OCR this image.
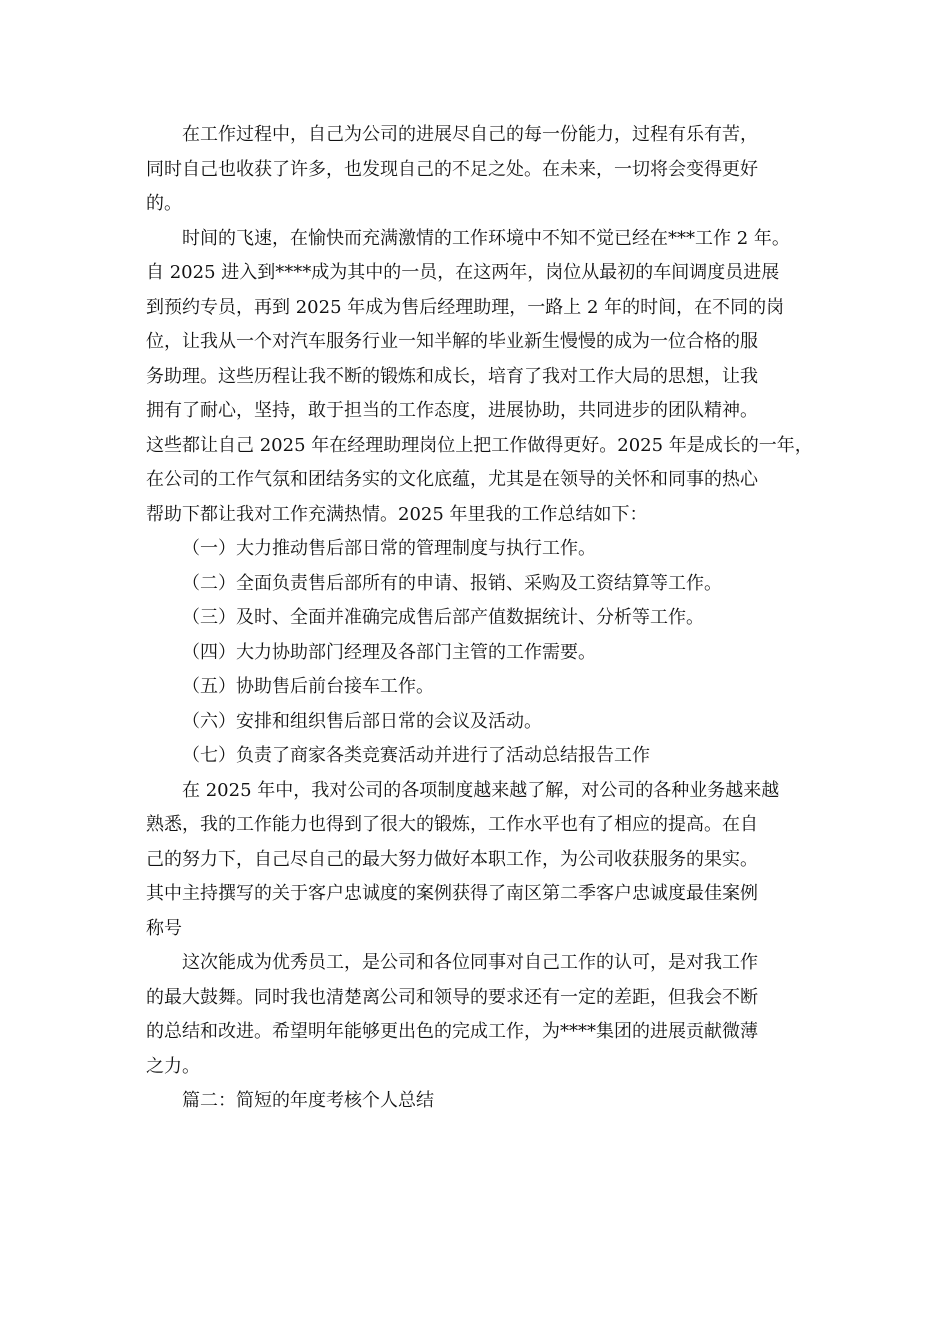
在工作过程中，自己为公司的进展尽自己的每一份能力，过程有乐有苦，
同时自己也收获了许多，也发现自己的不足之处。在未来，一切将会变得更好
的。
时间的飞速，在愉快而充满激情的工作环境中不知不觉已经在***工作 2 年。
自 2025 进入到****成为其中的一员，在这两年，岗位从最初的车间调度员进展
到预约专员，再到 2025 年成为售后经理助理，一路上 2 年的时间，在不同的岗
位，让我从一个对汽车服务行业一知半解的毕业新生慢慢的成为一位合格的服
务助理。这些历程让我不断的锻炼和成长，培育了我对工作大局的思想，让我
拥有了耐心，坚持，敢于担当的工作态度，进展协助，共同进步的团队精神。
这些都让自己 2025 年在经理助理岗位上把工作做得更好。2025 年是成长的一年，
在公司的工作气氛和团结务实的文化底蕴，尤其是在领导的关怀和同事的热心
帮助下都让我对工作充满热情。2025 年里我的工作总结如下：
（一）大力推动售后部日常的管理制度与执行工作。
（二）全面负责售后部所有的申请、报销、采购及工资结算等工作。
（三）及时、全面并准确完成售后部产值数据统计、分析等工作。
（四）大力协助部门经理及各部门主管的工作需要。
（五）协助售后前台接车工作。
（六）安排和组织售后部日常的会议及活动。
（七）负责了商家各类竞赛活动并进行了活动总结报告工作
在 2025 年中，我对公司的各项制度越来越了解，对公司的各种业务越来越
熟悉，我的工作能力也得到了很大的锻炼，工作水平也有了相应的提高。在自
己的努力下，自己尽自己的最大努力做好本职工作，为公司收获服务的果实。
其中主持撰写的关于客户忠诚度的案例获得了南区第二季客户忠诚度最佳案例
称号
这次能成为优秀员工，是公司和各位同事对自己工作的认可，是对我工作
的最大鼓舞。同时我也清楚离公司和领导的要求还有一定的差距，但我会不断
的总结和改进。希望明年能够更出色的完成工作，为****集团的进展贡献微薄
之力。
篇二：简短的年度考核个人总结
